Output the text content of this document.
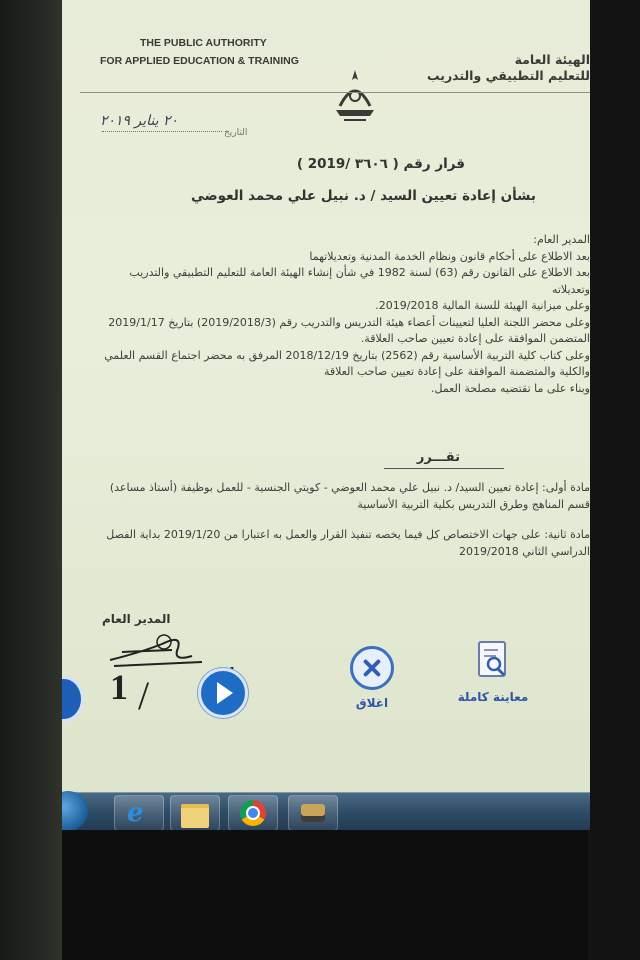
THE PUBLIC AUTHORITY
FOR APPLIED EDUCATION & TRAINING	الهيئة العامة
للتعليم التطبيقي والتدريب
٢٠ يناير ٢٠١٩
التاريخ
قرار رقم ( ٣٦٠٦ /2019 )
بشأن إعادة تعيين السيد / د. نبيل علي محمد العوضي

المدير العام:

بعد الاطلاع على أحكام قانون ونظام الخدمة المدنية وتعديلاتهما

بعد الاطلاع على القانون رقم (63) لسنة 1982 في شأن إنشاء الهيئة العامة للتعليم التطبيقي والتدريب وتعديلاته

وعلى ميزانية الهيئة للسنة المالية 2019/2018.

وعلى محضر اللجنة العليا لتعيينات أعضاء هيئة التدريس والتدريب رقم (2019/2018/3) بتاريخ 2019/1/17 المتضمن الموافقة على إعادة تعيين صاحب العلاقة.

وعلى كتاب كلية التربية الأساسية رقم (2562) بتاريخ 2018/12/19 المرفق به محضر اجتماع القسم العلمي والكلية والمتضمنة الموافقة على إعادة تعيين صاحب العلاقة

وبناء على ما تقتضيه مصلحة العمل.

تقـــرر

مادة أولى: إعادة تعيين السيد/ د. نبيل علي محمد العوضي - كويتي الجنسية - للعمل بوظيفة (أستاذ مساعد) قسم المناهج وطرق التدريس بكلية التربية الأساسية

مادة ثانية: على جهات الاختصاص كل فيما يخصه تنفيذ القرار والعمل به اعتبارا من 2019/1/20 بداية الفصل الدراسي الثاني 2019/2018

المدير العام
1 /	اغلاق	معاينة كاملة
e
